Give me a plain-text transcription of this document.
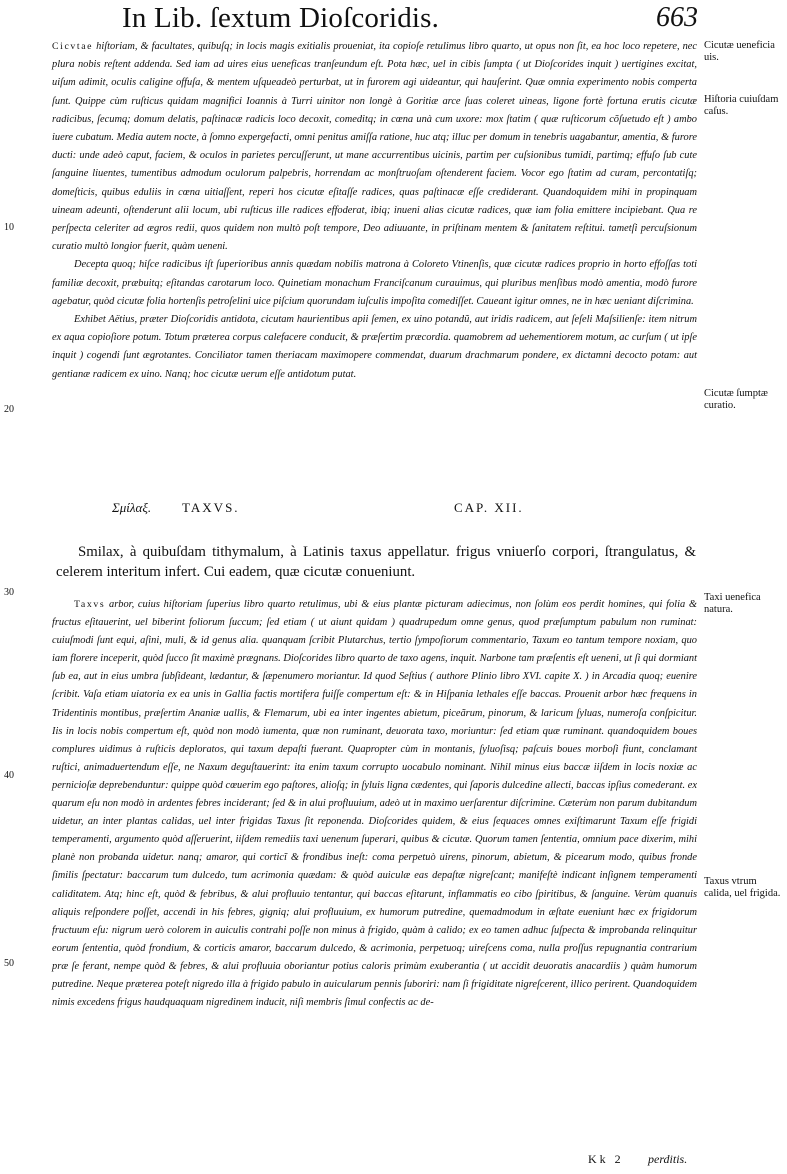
In Lib. ſextum Dioſcoridis.	663

Cicvtae hiſtoriam, & facultates, quibuſq; in locis magis exitialis proueniat, ita copioſe retulimus libro quarto, ut opus non ſit, ea hoc loco repetere, nec plura nobis reſtent addenda. Sed iam ad uires eius ueneficas tranſeundum eſt. Pota hæc, uel in cibis ſumpta ( ut Dioſcorides inquit ) uertigines excitat, uiſum adimit, oculis caligine offuſa, & mentem uſqueadeò perturbat, ut in furorem agi uideantur, qui hauſerint. Quæ omnia experimento nobis comperta ſunt. Quippe cùm ruſticus quidam magnifici Ioannis à Turri uinitor non longè à Goritiæ arce ſuas coleret uineas, ligone fortè fortuna erutis cicutæ radicibus, ſecumq; domum delatis, paſtinacæ radicis loco decoxit, comeditq; in cœna unà cum uxore: mox ſtatim ( quæ ruſticorum cõſuetudo eſt ) ambo iuere cubatum. Media autem nocte, à ſomno expergefacti, omni penitus amiſſa ratione, huc atq; illuc per domum in tenebris uagabantur, amentia, & furore ducti: unde adeò caput, faciem, & oculos in parietes percuſſerunt, ut mane accurrentibus uicinis, partim per cuſsionibus tumidi, partimq; effuſo ſub cute ſanguine liuentes, tumentibus admodum oculorum palpebris, horrendam ac monſtruoſam oſtenderent faciem. Vocor ego ſtatim ad curam, percontatiſq; domeſticis, quibus eduliis in cœna uitiaſſent, reperi hos cicutæ eſitaſſe radices, quas paſtinacæ eſſe crediderant. Quandoquidem mihi in propinquam uineam adeunti, oſtenderunt alii locum, ubi ruſticus ille radices effoderat, ibiq; inueni alias cicutæ radices, quæ iam folia emittere incipiebant. Qua re perſpecta celeriter ad ægros redii, quos quidem non multò poſt tempore, Deo adiuuante, in priſtinam mentem & ſanitatem reſtitui. tametſi percuſsionum curatio multò longior fuerit, quàm ueneni.

Decepta quoq; hiſce radicibus iſt ſuperioribus annis quædam nobilis matrona à Coloreto Vtinenſis, quæ cicutæ radices proprio in horto effoſſas toti familiæ decoxit, præbuitq; eſitandas carotarum loco. Quinetiam monachum Franciſcanum curauimus, qui pluribus menſibus modò amentia, modò furore agebatur, quòd cicutæ folia hortenſis petroſelini uice piſcium quorundam iuſculis impoſita comediſſet. Caueant igitur omnes, ne in hæc ueniant diſcrimina.

Exhibet Aëtius, præter Dioſcoridis antidota, cicutam haurientibus apii ſemen, ex uino potandũ, aut iridis radicem, aut ſeſeli Maſsilienſe: item nitrum ex aqua copioſiore potum. Totum præterea corpus calefacere conducit, & præſertim præcordia. quamobrem ad uehementiorem motum, ac curſum ( ut ipſe inquit ) cogendi ſunt ægrotantes. Conciliator tamen theriacam maximopere commendat, duarum drachmarum pondere, ex dictamni decocto potam: aut gentianæ radicem ex uino. Nanq; hoc cicutæ uerum eſſe antidotum putat.

Σμίλαξ. TAXVS.	CAP. XII.

Smilax, à quibuſdam tithymalum, à Latinis taxus appellatur. frigus vniuerſo corpori, ſtrangulatus, & celerem interitum infert. Cui eadem, quæ cicutæ conueniunt.

Taxvs arbor, cuius hiſtoriam ſuperius libro quarto retulimus, ubi & eius plantæ picturam adiecimus, non ſolùm eos perdit homines, qui folia & fructus eſitauerint, uel biberint foliorum ſuccum; ſed etiam ( ut aiunt quidam ) quadrupedum omne genus, quod præſumptum pabulum non ruminat: cuiuſmodi ſunt equi, aſini, muli, & id genus alia. quanquam ſcribit Plutarchus, tertio ſympoſiorum commentario, Taxum eo tantum tempore noxiam, quo iam florere inceperit, quòd ſucco ſit maximè prægnans. Dioſcorides libro quarto de taxo agens, inquit. Narbone tam præſentis eſt ueneni, ut ſi qui dormiant ſub ea, aut in eius umbra ſubſideant, lædantur, & ſæpenumero moriantur. Id quod Seſtius ( authore Plinio libro XVI. capite X. ) in Arcadia quoq; euenire ſcribit. Vaſa etiam uiatoria ex ea unis in Gallia factis mortifera fuiſſe compertum eſt: & in Hiſpania lethales eſſe baccas. Prouenit arbor hæc frequens in Tridentinis montibus, præſertim Ananiæ uallis, & Flemarum, ubi ea inter ingentes abietum, piceãrum, pinorum, & laricum ſyluas, numeroſa conſpicitur. Iis in locis nobis compertum eſt, quòd non modò iumenta, quæ non ruminant, deuorata taxo, moriuntur: ſed etiam quæ ruminant. quandoquidem boues complures uidimus à ruſticis deploratos, qui taxum depaſti fuerant. Quapropter cùm in montanis, ſyluoſisq; paſcuis boues morboſi fiunt, conclamant ruſtici, animaduertendum eſſe, ne Naxum deguſtauerint: ita enim taxum corrupto uocabulo nominant. Nihil minus eius baccæ iiſdem in locis noxiæ ac pernicioſæ deprebenduntur: quippe quòd cœuerim ego paſtores, alioſq; in ſyluis ligna cædentes, qui ſaporis dulcedine allecti, baccas ipſius comederant. ex quarum eſu non modò in ardentes febres inciderant; ſed & in alui profluuium, adeò ut in maximo uerſarentur diſcrimine. Cæterùm non parum dubitandum uidetur, an inter plantas calidas, uel inter frigidas Taxus ſit reponenda. Dioſcorides quidem, & eius ſequaces omnes exiſtimarunt Taxum eſſe frigidi temperamenti, argumento quòd aſſeruerint, iiſdem remediis taxi uenenum ſuperari, quibus & cicutæ. Quorum tamen ſententia, omnium pace dixerim, mihi planè non probanda uidetur. nanq; amaror, qui corticĩ & frondibus ineſt: coma perpetuò uirens, pinorum, abietum, & picearum modo, quibus fronde ſimilis ſpectatur: baccarum tum dulcedo, tum acrimonia quædam: & quòd auiculæ eas depaſtæ nigreſcant; manifeſtè indicant inſignem temperamenti caliditatem. Atq; hinc eſt, quòd & febribus, & alui profluuio tentantur, qui baccas eſitarunt, inflammatis eo cibo ſpiritibus, & ſanguine. Verùm quanuis aliquis reſpondere poſſet, accendi in his febres, gigniq; alui profluuium, ex humorum putredine, quemadmodum in æſtate eueniunt hæc ex frigidorum fructuum eſu: nigrum uerò colorem in auiculis contrahi poſſe non minus à frigido, quàm à calido; ex eo tamen adhuc ſuſpecta & improbanda relinquitur eorum ſententia, quòd frondium, & corticis amaror, baccarum dulcedo, & acrimonia, perpetuoq; uireſcens coma, nulla proſſus repugnantia contrarium præ ſe ferant, nempe quòd & febres, & alui profluuia oboriantur potius caloris primùm exuberantia ( ut accidit deuoratis anacardiis ) quàm humorum putredine. Neque præterea poteſt nigredo illa à frigido pabulo in auicularum pennis ſuboriri: nam ſi frigiditate nigreſcerent, illico perirent. Quandoquidem nimis excedens frigus haudquaquam nigredinem inducit, niſi membris ſimul confectis ac de-

Cicutæ ueneficia uis.
Hiſtoria cuiuſdam caſus.
Cicutæ ſumptæ curatio.
Taxi uenefica natura.
Taxus vtrum calida, uel frigida.
10
20
30
40
50
Kk 2 perditis.
